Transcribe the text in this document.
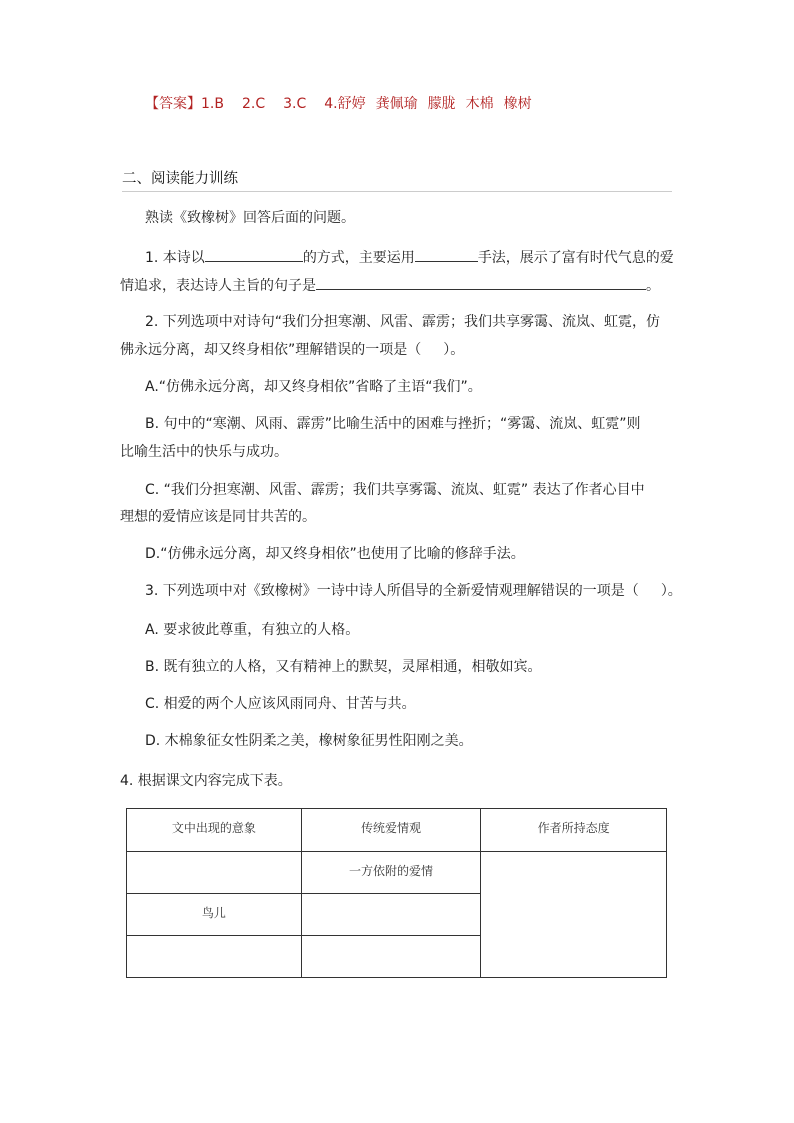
【答案】1.B 2.C 3.C 4.舒婷 龚佩瑜 朦胧 木棉 橡树
二、阅读能力训练
熟读《致橡树》回答后面的问题。
1. 本诗以	的方式，主要运用	手法，展示了富有时代气息的爱
情追求，表达诗人主旨的句子是	。
2. 下列选项中对诗句“我们分担寒潮、风雷、霹雳；我们共享雾霭、流岚、虹霓，仿
佛永远分离，却又终身相依”理解错误的一项是（ ）。
A.“仿佛永远分离，却又终身相依”省略了主语“我们”。
B. 句中的“寒潮、风雨、霹雳”比喻生活中的困难与挫折；“雾霭、流岚、虹霓”则
比喻生活中的快乐与成功。
C. “我们分担寒潮、风雷、霹雳；我们共享雾霭、流岚、虹霓” 表达了作者心目中
理想的爱情应该是同甘共苦的。
D.“仿佛永远分离，却又终身相依”也使用了比喻的修辞手法。
3. 下列选项中对《致橡树》一诗中诗人所倡导的全新爱情观理解错误的一项是（ ）。
A. 要求彼此尊重，有独立的人格。
B. 既有独立的人格，又有精神上的默契，灵犀相通，相敬如宾。
C. 相爱的两个人应该风雨同舟、甘苦与共。
D. 木棉象征女性阴柔之美，橡树象征男性阳刚之美。
4. 根据课文内容完成下表。
文中出现的意象	传统爱情观	作者所持态度
	一方依附的爱情	
鸟儿		
